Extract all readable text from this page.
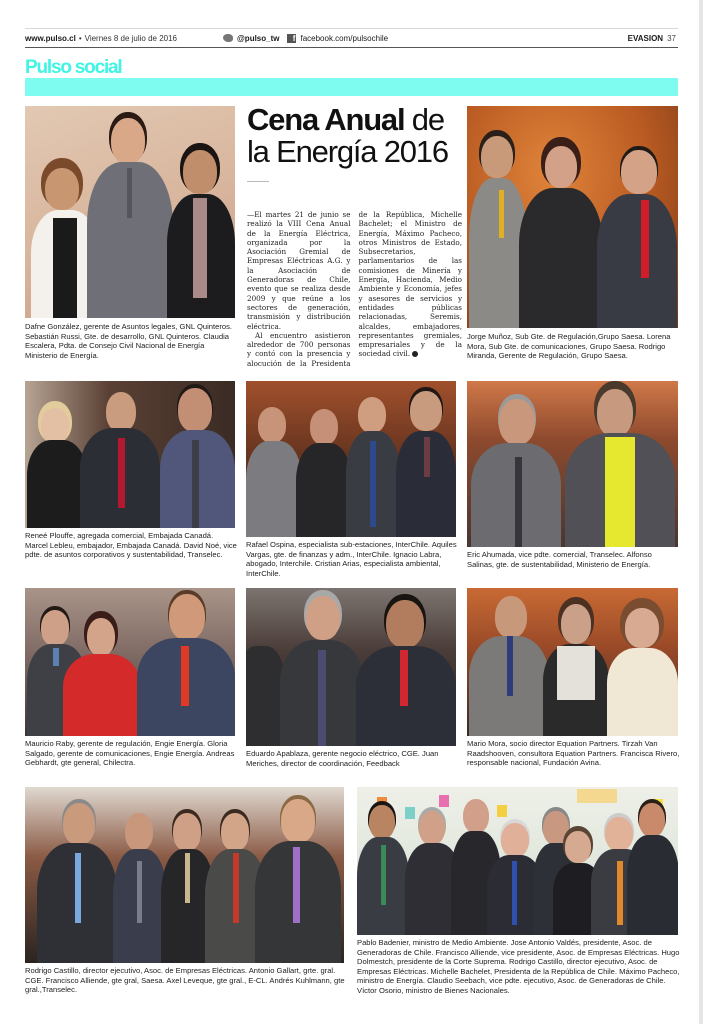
www.pulso.cl • Viernes 8 de julio de 2016	@pulso_tw	f facebook.com/pulsochile	EVASION 37
Pulso social
Dafne González, gerente de Asuntos legales, GNL Quinteros. Sebastián Russi, Gte. de desarrollo, GNL Quinteros. Claudia Escalera, Pdta. de Consejo Civil Nacional de Energía Ministerio de Energía.
Cena Anual de
la Energía 2016

—El martes 21 de junio se realizó la VIII Cena Anual de la Energía Eléctrica, organizada por la Asociación Gremial de Empresas Eléctricas A.G. y la Asociación de Generadoras de Chile, evento que se realiza desde 2009 y que reúne a los sectores de generación, transmisión y distribución eléctrica.

Al encuentro asistieron alrededor de 700 personas y contó con la presencia y alocución de la Presidenta de la República, Michelle Bachelet; el Ministro de Energía, Máximo Pacheco, otros Ministros de Estado, Subsecretarios, parlamentarios de las comisiones de Minería y Energía, Hacienda, Medio Ambiente y Economía, jefes y asesores de servicios y entidades públicas relacionadas, Seremis, alcaldes, embajadores, representantes gremiales, empresariales y de la sociedad civil.

Jorge Muñoz, Sub Gte. de Regulación,Grupo Saesa. Lorena Mora, Sub Gte. de comunicaciones, Grupo Saesa. Rodrigo Miranda, Gerente de Regulación, Grupo Saesa.
Reneé Plouffe, agregada comercial, Embajada Canadá. Marcel Lebleu, embajador, Embajada Canadá. David Noé, vice pdte. de asuntos corporativos y sustentabilidad, Transelec.
Rafael Ospina, especialista sub-estaciones, InterChile. Aquiles Vargas, gte. de finanzas y adm., InterChile. Ignacio Labra, abogado, Interchile. Cristian Arias, especialista ambiental, InterChile.
Eric Ahumada, vice pdte. comercial, Transelec. Alfonso Salinas, gte. de sustentabilidad, Ministerio de Energía.
Mauricio Raby, gerente de regulación, Engie Energía. Gloria Salgado, gerente de comunicaciones, Engie Energía. Andreas Gebhardt, gte general, Chilectra.
Eduardo Apablaza, gerente negocio eléctrico, CGE. Juan Meriches, director de coordinación, Feedback
Mario Mora, socio director Equation Partners. Tirzah Van Raadshooven, consultora Equation Partners. Francisca Rivero, responsable nacional, Fundación Avina.
Rodrigo Castillo, director ejecutivo, Asoc. de Empresas Eléctricas. Antonio Gallart, grte. gral. CGE. Francisco Alliende, gte gral, Saesa. Axel Leveque, gte gral., E-CL. Andrés Kuhlmann, gte gral.,Transelec.
Pablo Badenier, ministro de Medio Ambiente. Jose Antonio Valdés, presidente, Asoc. de Generadoras de Chile. Francisco Alliende, vice presidente, Asoc. de Empresas Eléctricas. Hugo Dolmestch, presidente de la Corte Suprema. Rodrigo Castillo, director ejecutivo, Asoc. de Empresas Eléctricas. Michelle Bachelet, Presidenta de la República de Chile. Máximo Pacheco, ministro de Energía. Claudio Seebach, vice pdte. ejecutivo, Asoc. de Generadoras de Chile. Víctor Osorio, ministro de Bienes Nacionales.
